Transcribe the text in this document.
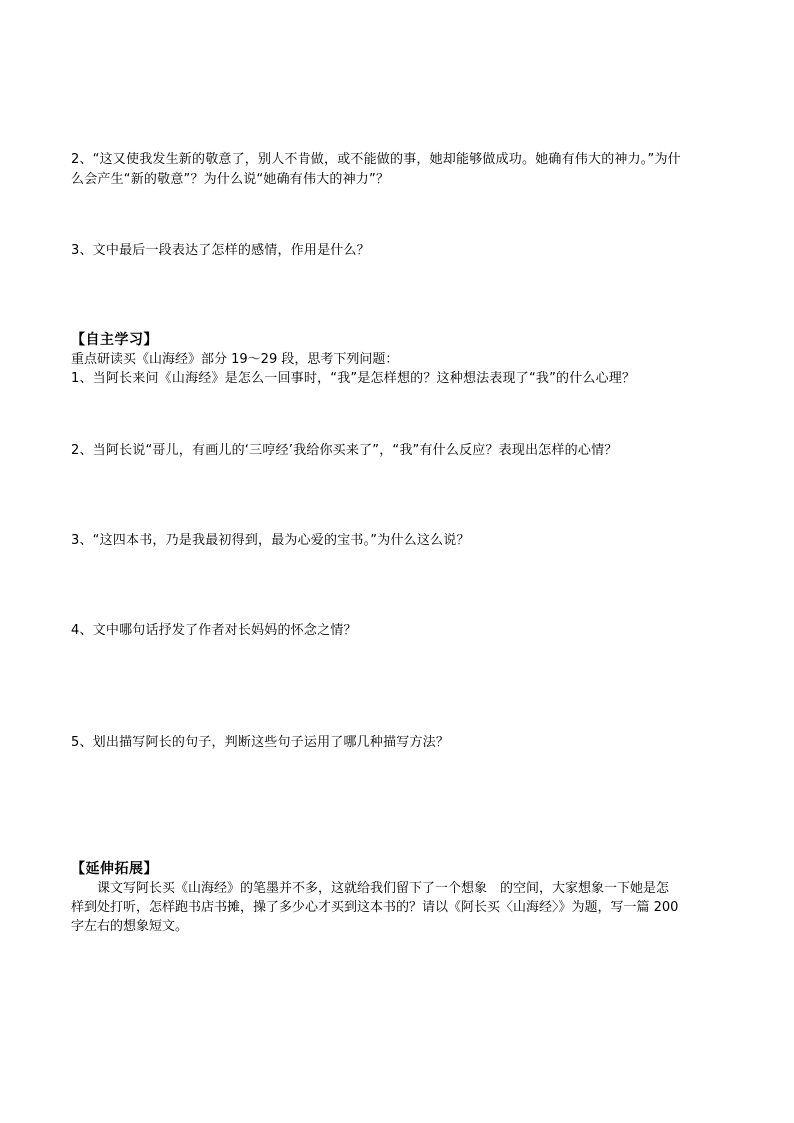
2、“这又使我发生新的敬意了，别人不肯做，或不能做的事，她却能够做成功。她确有伟大的神力。”为什
么会产生“新的敬意”？为什么说“她确有伟大的神力”？
3、文中最后一段表达了怎样的感情，作用是什么？
【自主学习】
重点研读买《山海经》部分 19～29 段，思考下列问题：
1、当阿长来问《山海经》是怎么一回事时，“我”是怎样想的？这种想法表现了“我”的什么心理？
2、当阿长说“哥儿，有画儿的‘三哼经’我给你买来了”，“我”有什么反应？表现出怎样的心情？
3、“这四本书，乃是我最初得到，最为心爱的宝书。”为什么这么说？
4、文中哪句话抒发了作者对长妈妈的怀念之情？
5、划出描写阿长的句子，判断这些句子运用了哪几种描写方法？
【延伸拓展】
课文写阿长买《山海经》的笔墨并不多，这就给我们留下了一个想象　的空间，大家想象一下她是怎
样到处打听，怎样跑书店书摊，操了多少心才买到这本书的？请以《阿长买〈山海经〉》为题，写一篇 200
字左右的想象短文。
